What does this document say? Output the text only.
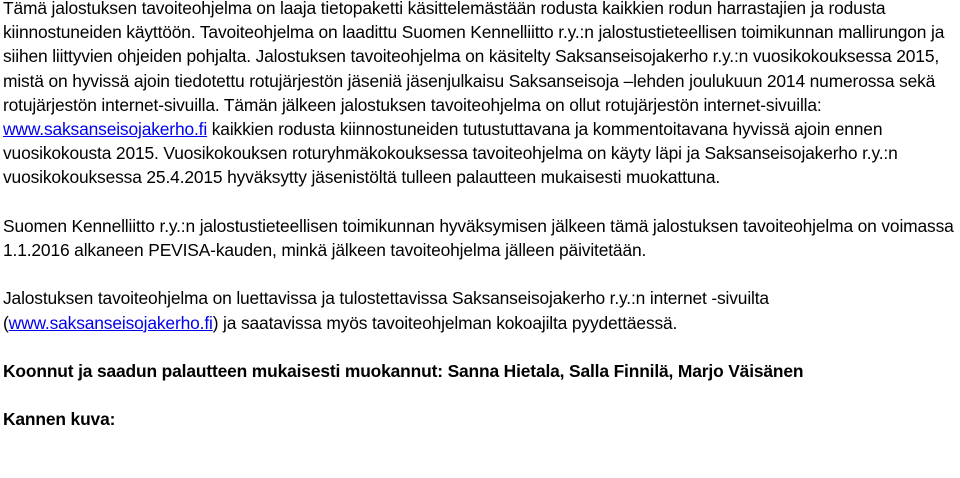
Tämä jalostuksen tavoiteohjelma on laaja tietopaketti käsittelemästään rodusta kaikkien rodun harrastajien ja rodusta kiinnostuneiden käyttöön. Tavoiteohjelma on laadittu Suomen Kennelliitto r.y.:n jalostustieteellisen toimikunnan mallirungon ja siihen liittyvien ohjeiden pohjalta. Jalostuksen tavoiteohjelma on käsitelty Saksanseisojakerho r.y.:n vuosikokouksessa 2015, mistä on hyvissä ajoin tiedotettu rotujärjestön jäseniä jäsenjulkaisu Saksanseisoja –lehden joulukuun 2014 numerossa sekä rotujärjestön internet-sivuilla. Tämän jälkeen jalostuksen tavoiteohjelma on ollut rotujärjestön internet-sivuilla: www.saksanseisojakerho.fi kaikkien rodusta kiinnostuneiden tutustuttavana ja kommentoitavana hyvissä ajoin ennen vuosikokousta 2015. Vuosikokouksen roturyhmäkokouksessa tavoiteohjelma on käyty läpi ja Saksanseisojakerho r.y.:n vuosikokouksessa 25.4.2015 hyväksytty jäsenistöltä tulleen palautteen mukaisesti muokattuna.

Suomen Kennelliitto r.y.:n jalostustieteellisen toimikunnan hyväksymisen jälkeen tämä jalostuksen tavoiteohjelma on voimassa 1.1.2016 alkaneen PEVISA-kauden, minkä jälkeen tavoiteohjelma jälleen päivitetään.

Jalostuksen tavoiteohjelma on luettavissa ja tulostettavissa Saksanseisojakerho r.y.:n internet -sivuilta (www.saksanseisojakerho.fi) ja saatavissa myös tavoiteohjelman kokoajilta pyydettäessä.

Koonnut ja saadun palautteen mukaisesti muokannut: Sanna Hietala, Salla Finnilä, Marjo Väisänen

Kannen kuva:
